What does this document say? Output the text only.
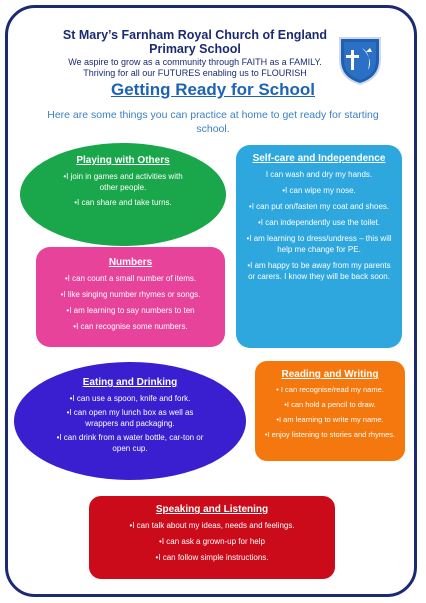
St Mary’s Farnham Royal Church of England
Primary School
We aspire to grow as a community through FAITH as a FAMILY.
Thriving for all our FUTURES enabling us to FLOURISH
Getting Ready for School
Here are some things you can practice at home to get ready for starting school.
Playing with Others
•I join in games and activities with other people.
•I can share and take turns.
Self-care and Independence
I can wash and dry my hands.
•I can wipe my nose.
•I can put on/fasten my coat and shoes.
•I can independently use the toilet.
•I am learning to dress/undress – this will help me change for PE.
•I am happy to be away from my parents or carers. I know they will be back soon.
Numbers
•I can count a small number of items.
•I like singing number rhymes or songs.
•I am learning to say numbers to ten
•I can recognise some numbers.
Eating and Drinking
•I can use a spoon, knife and fork.
•I can open my lunch box as well as wrappers and packaging.
•I can drink from a water bottle, car-ton or open cup.
Reading and Writing
• I can recognise/read my name.
•I can hold a pencil to draw.
•I am learning to write my name.
•I enjoy listening to stories and rhymes.
Speaking and Listening
•I can talk about my ideas, needs and feelings.
•I can ask a grown-up for help
•I can follow simple instructions.
